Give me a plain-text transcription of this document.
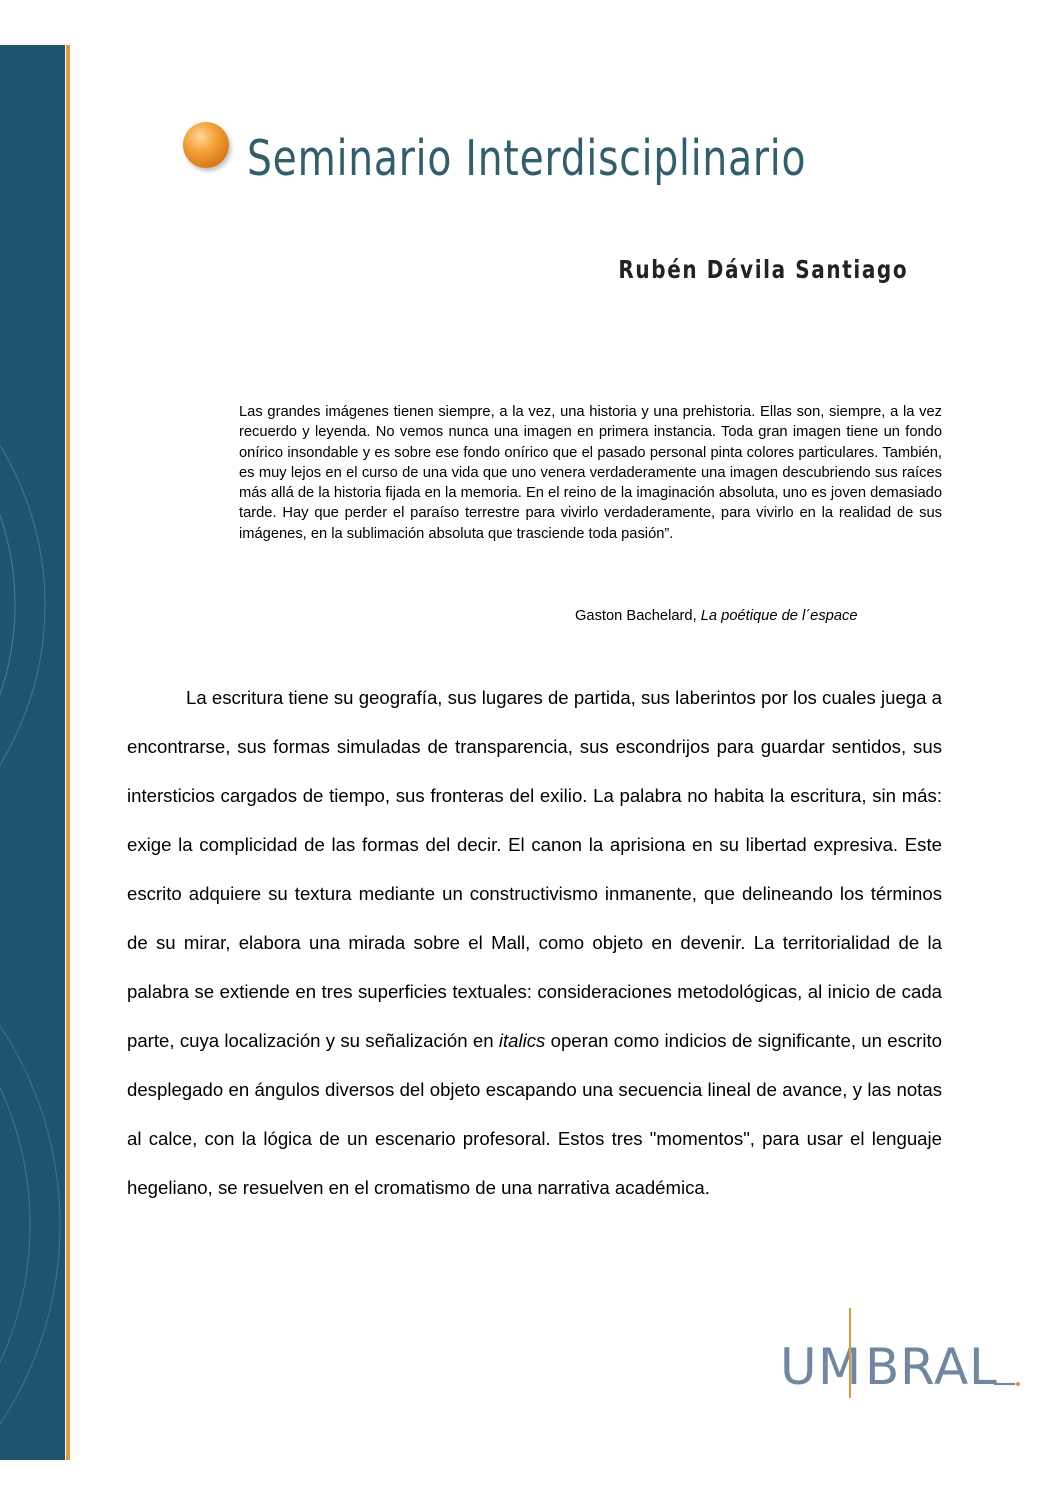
Seminario Interdisciplinario
Rubén Dávila Santiago

Las grandes imágenes tienen siempre, a la vez, una historia y una prehistoria. Ellas son, siempre, a la vez recuerdo y leyenda. No vemos nunca una imagen en primera instancia. Toda gran imagen tiene un fondo onírico insondable y es sobre ese fondo onírico que el pasado personal pinta colores particulares. También, es muy lejos en el curso de una vida que uno venera verdaderamente una imagen descubriendo sus raíces más allá de la historia fijada en la memoria. En el reino de la imaginación absoluta, uno es joven demasiado tarde. Hay que perder el paraíso terrestre para vivirlo verdaderamente, para vivirlo en la realidad de sus imágenes, en la sublimación absoluta que trasciende toda pasión”.

Gaston Bachelard, La poétique de l´espace

La escritura tiene su geografía, sus lugares de partida, sus laberintos por los cuales juega a encontrarse, sus formas simuladas de transparencia, sus escondrijos para guardar sentidos, sus intersticios cargados de tiempo, sus fronteras del exilio. La palabra no habita la escritura, sin más: exige la complicidad de las formas del decir. El canon la aprisiona en su libertad expresiva. Este escrito adquiere su textura mediante un constructivismo inmanente, que delineando los términos de su mirar, elabora una mirada sobre el Mall, como objeto en devenir. La territorialidad de la palabra se extiende en tres superficies textuales: consideraciones metodológicas, al inicio de cada parte, cuya localización y su señalización en italics operan como indicios de significante, un escrito desplegado en ángulos diversos del objeto escapando una secuencia lineal de avance, y las notas al calce, con la lógica de un escenario profesoral. Estos tres "momentos", para usar el lenguaje hegeliano, se resuelven en el cromatismo de una narrativa académica.

U M B R A L
